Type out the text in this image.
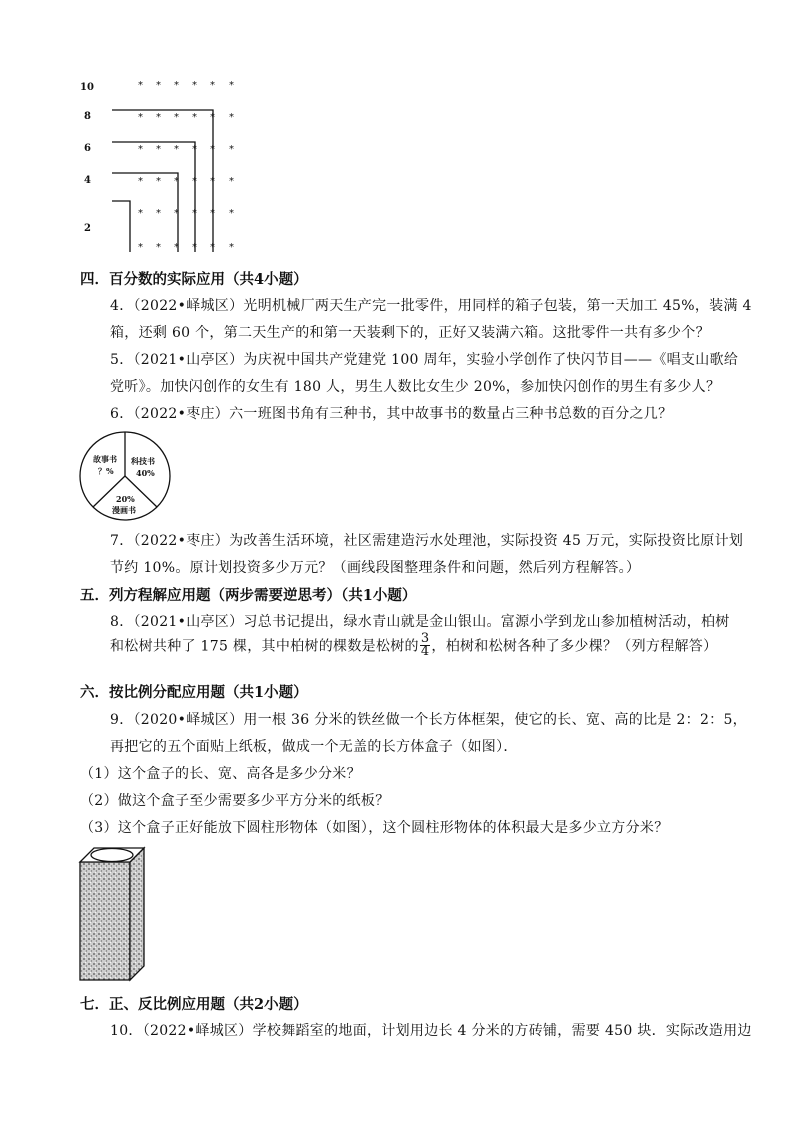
10
8
6
4
2
* * * * * *
* * * * * *
* * * * * *
* * * * * *
* * * * * *
* * * * * *
四．百分数的实际应用（共4小题）
4．（2022•峄城区）光明机械厂两天生产完一批零件，用同样的箱子包装，第一天加工 45%，装满 4
箱，还剩 60 个，第二天生产的和第一天装剩下的，正好又装满六箱。这批零件一共有多少个？
5．（2021•山亭区）为庆祝中国共产党建党 100 周年，实验小学创作了快闪节目——《唱支山歌给
党听》。加快闪创作的女生有 180 人，男生人数比女生少 20%，参加快闪创作的男生有多少人？
6．（2022•枣庄）六一班图书角有三种书，其中故事书的数量占三种书总数的百分之几？
故事书
？%
科技书
40%
20%
漫画书
7．（2022•枣庄）为改善生活环境，社区需建造污水处理池，实际投资 45 万元，实际投资比原计划
节约 10%。原计划投资多少万元？（画线段图整理条件和问题，然后列方程解答。）
五．列方程解应用题（两步需要逆思考）（共1小题）
8．（2021•山亭区）习总书记提出，绿水青山就是金山银山。富源小学到龙山参加植树活动，柏树
和松树共种了 175 棵，其中柏树的棵数是松树的 $\frac{3}{4}$ ，柏树和松树各种了多少棵？（列方程解答）
六．按比例分配应用题（共1小题）
9．（2020•峄城区）用一根 36 分米的铁丝做一个长方体框架，使它的长、宽、高的比是 2：2：5，
再把它的五个面贴上纸板，做成一个无盖的长方体盒子（如图）．
（1）这个盒子的长、宽、高各是多少分米？
（2）做这个盒子至少需要多少平方分米的纸板？
（3）这个盒子正好能放下圆柱形物体（如图），这个圆柱形物体的体积最大是多少立方分米？
七．正、反比例应用题（共2小题）
10．（2022•峄城区）学校舞蹈室的地面，计划用边长 4 分米的方砖铺，需要 450 块．实际改造用边
